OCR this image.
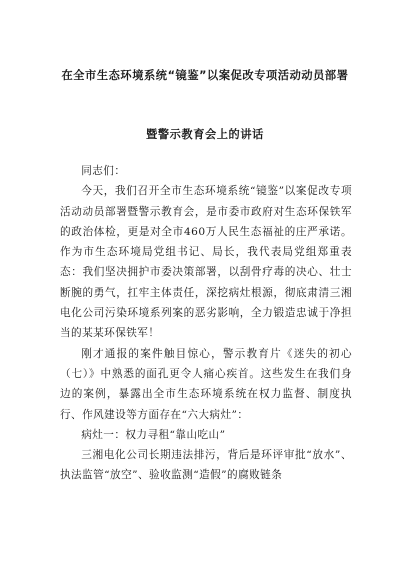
在全市生态环境系统“镜鉴”以案促改专项活动动员部署
暨警示教育会上的讲话

同志们：

今天，我们召开全市生态环境系统“镜鉴”以案促改专项活动动员部署暨警示教育会，是市委市政府对生态环保铁军的政治体检，更是对全市460万人民生态福祉的庄严承诺。作为市生态环境局党组书记、局长，我代表局党组郑重表态：我们坚决拥护市委决策部署，以刮骨疗毒的决心、壮士断腕的勇气，扛牢主体责任，深挖病灶根源，彻底肃清三湘电化公司污染环境系列案的恶劣影响，全力锻造忠诚于净担当的某某环保铁军！

刚才通报的案件触目惊心，警示教育片《迷失的初心（七）》中熟悉的面孔更令人痛心疾首。这些发生在我们身边的案例，暴露出全市生态环境系统在权力监督、制度执行、作风建设等方面存在“六大病灶”：

病灶一：权力寻租“靠山吃山”

三湘电化公司长期违法排污，背后是环评审批“放水”、执法监管“放空”、验收监测“造假”的腐败链条
